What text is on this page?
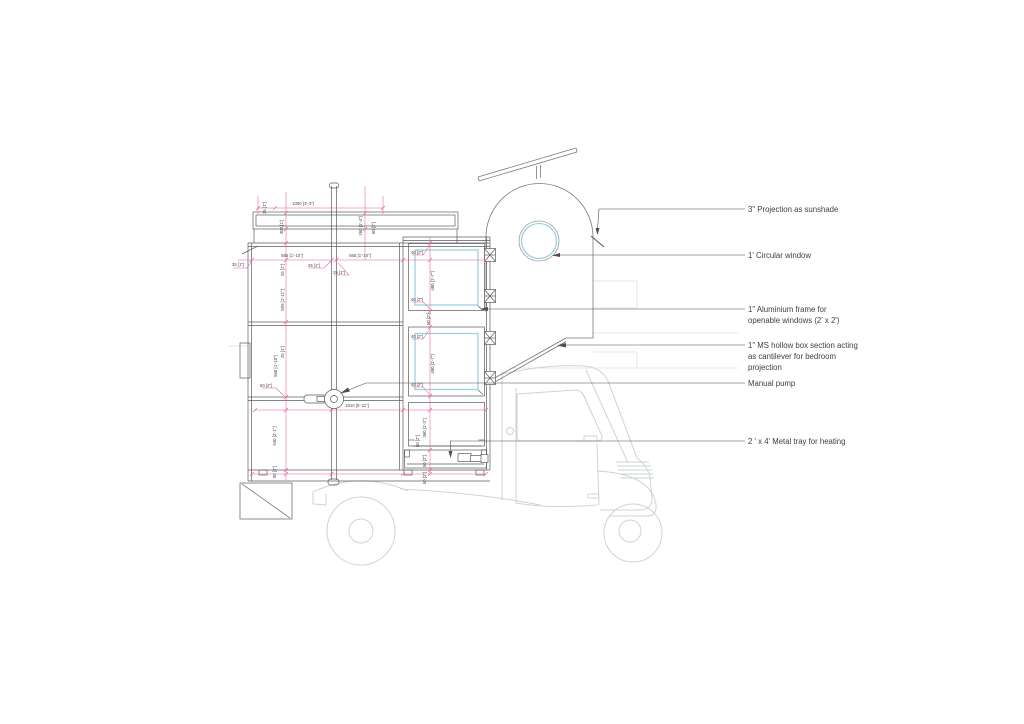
1000 [3'-3"]
25 [1"]
300 [1']	260 [1'-4"] 50 [2"]
25 [1"]
35 [1"]
565 [1'-10"]	565 [1'-10"]
25 [1"]
25 [1"]
595 [1'-11"]
25 [1"]
560 [1'-10"]
50 [2"]
1810 [5'-11"]
940 [3'-1"]
50 [2"]
40 [2"]
480 [1'-7"]
40 [2"]
50 [2"]
40 [2"]
480 [1'-7"]
40 [2"]
360 [1'-2"]
50 [2"]
50 [2"]
50 [2"]
3" Projection as sunshade
1' Circular window
1" Aluminium frame for
openable windows (2' x 2')
1" MS hollow box section acting
as cantilever for bedroom
projection
Manual pump
2 ' x 4' Metal tray for heating
